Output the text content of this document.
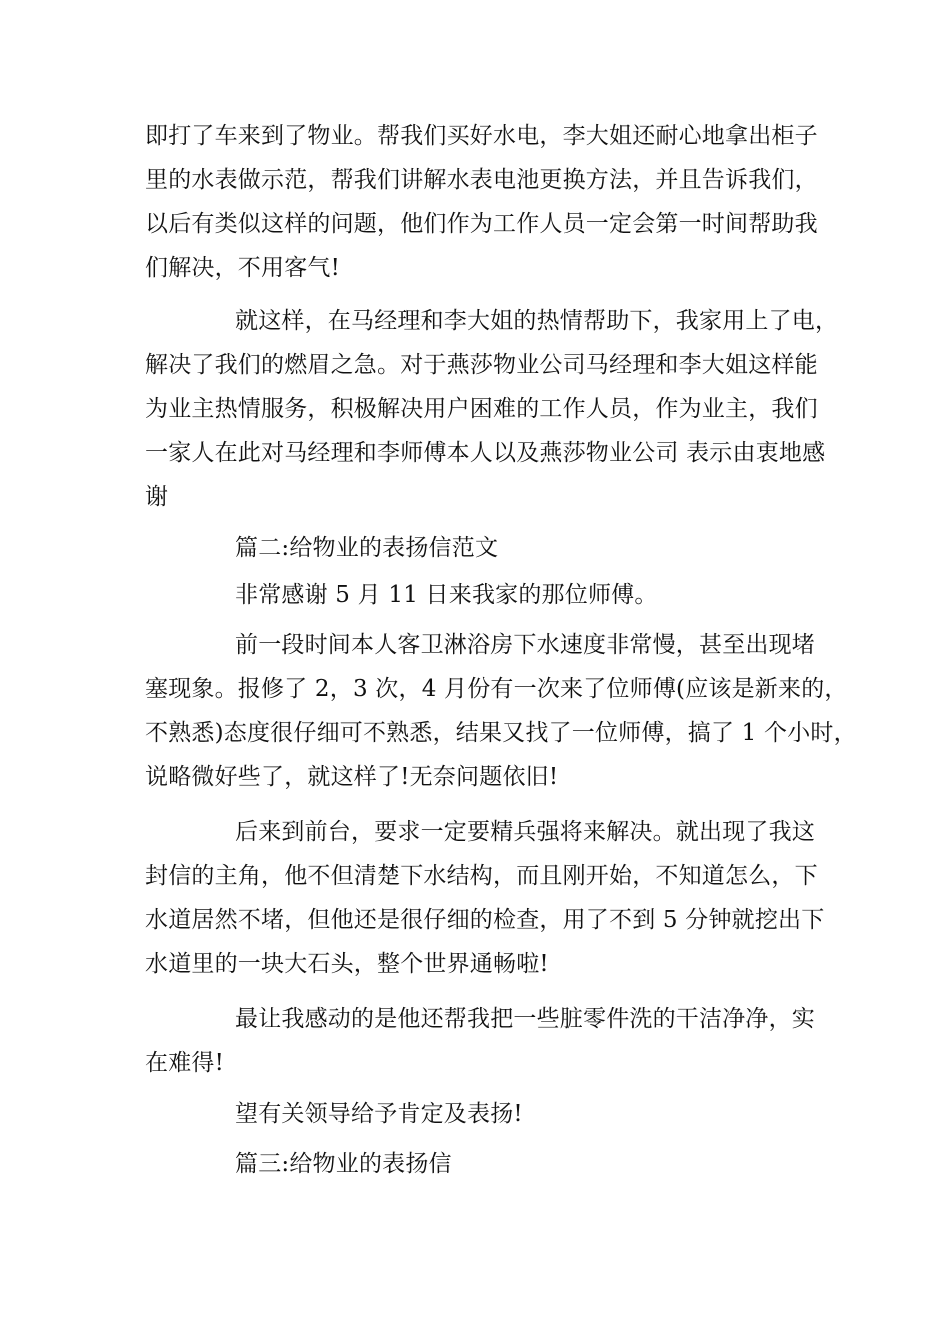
即打了车来到了物业。帮我们买好水电，李大姐还耐心地拿出柜子
里的水表做示范，帮我们讲解水表电池更换方法，并且告诉我们，
以后有类似这样的问题，他们作为工作人员一定会第一时间帮助我
们解决，不用客气!
就这样，在马经理和李大姐的热情帮助下，我家用上了电，
解决了我们的燃眉之急。对于燕莎物业公司马经理和李大姐这样能
为业主热情服务，积极解决用户困难的工作人员，作为业主，我们
一家人在此对马经理和李师傅本人以及燕莎物业公司 表示由衷地感
谢
篇二:给物业的表扬信范文
非常感谢 5 月 11 日来我家的那位师傅。
前一段时间本人客卫淋浴房下水速度非常慢，甚至出现堵
塞现象。报修了 2，3 次，4 月份有一次来了位师傅(应该是新来的，
不熟悉)态度很仔细可不熟悉，结果又找了一位师傅，搞了 1 个小时，
说略微好些了，就这样了!无奈问题依旧!
后来到前台，要求一定要精兵强将来解决。就出现了我这
封信的主角，他不但清楚下水结构，而且刚开始，不知道怎么，下
水道居然不堵，但他还是很仔细的检查，用了不到 5 分钟就挖出下
水道里的一块大石头，整个世界通畅啦!
最让我感动的是他还帮我把一些脏零件洗的干洁净净，实
在难得!
望有关领导给予肯定及表扬!
篇三:给物业的表扬信
